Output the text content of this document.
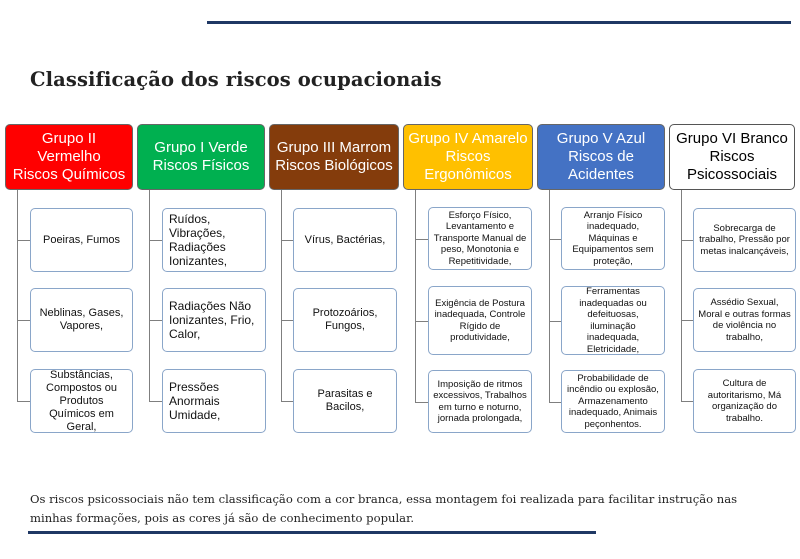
Classificação dos riscos ocupacionais
Grupo II
Vermelho
Riscos Químicos
Poeiras, Fumos
Neblinas, Gases, Vapores,
Substâncias, Compostos ou Produtos Químicos em Geral,
Grupo I Verde
Riscos Físicos
Ruídos, Vibrações, Radiações Ionizantes,
Radiações Não Ionizantes, Frio, Calor,
Pressões Anormais Umidade,
Grupo III Marrom
Riscos Biológicos
Vírus, Bactérias,
Protozoários, Fungos,
Parasitas e Bacilos,
Grupo IV Amarelo
Riscos
Ergonômicos
Esforço Físico, Levantamento e Transporte Manual de peso, Monotonia e Repetitividade,
Exigência de Postura inadequada, Controle Rígido de produtividade,
Imposição de ritmos excessivos, Trabalhos em turno e noturno, jornada prolongada,
Grupo V Azul
Riscos de
Acidentes
Arranjo Físico inadequado, Máquinas e Equipamentos sem proteção,
Ferramentas inadequadas ou defeituosas, iluminação inadequada, Eletricidade,
Probabilidade de incêndio ou explosão, Armazenamento inadequado, Animais peçonhentos.
Grupo VI Branco
Riscos
Psicossociais
Sobrecarga de trabalho, Pressão por metas inalcançáveis,
Assédio Sexual, Moral e outras formas de violência no trabalho,
Cultura de autoritarismo, Má organização do trabalho.

Os riscos psicossociais não tem classificação com a cor branca, essa montagem foi realizada para facilitar instrução nas minhas formações, pois as cores já são de conhecimento popular.
